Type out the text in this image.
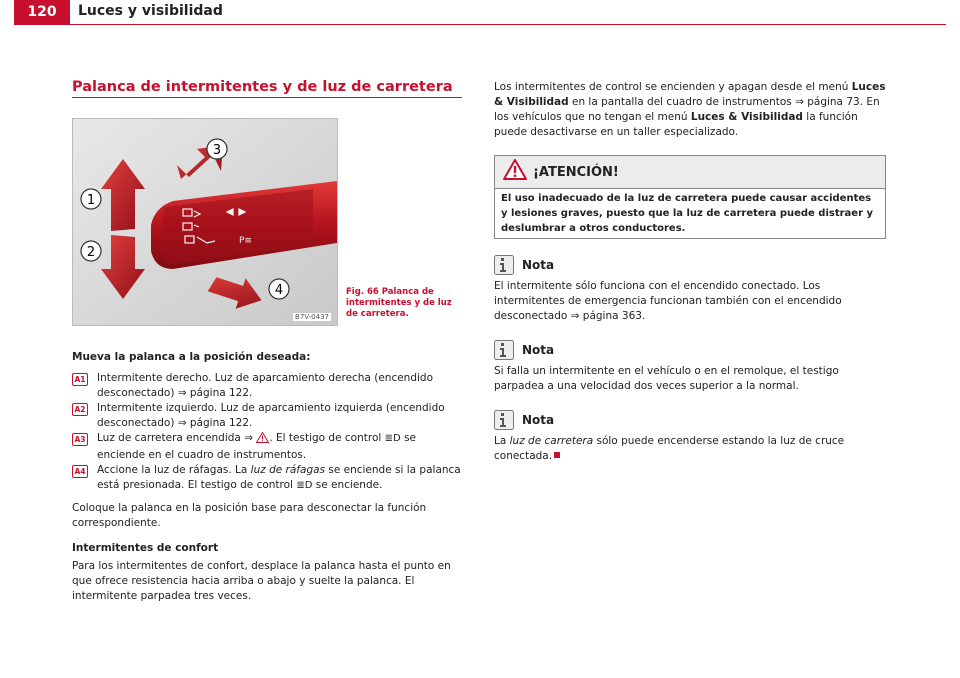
120	Luces y visibilidad
Palanca de intermitentes y de luz de carretera
P≡
1
2
3
4
B7V-0437
Fig. 66 Palanca de intermitentes y de luz de carretera.

Mueva la palanca a la posición deseada:

A1 Intermitente derecho. Luz de aparcamiento derecha (encendido desconectado) ⇒ página 122.

A2 Intermitente izquierdo. Luz de aparcamiento izquierda (encendido desconectado) ⇒ página 122.

A3 Luz de carretera encendida ⇒ . El testigo de control ≣D se enciende en el cuadro de instrumentos.

A4 Accione la luz de ráfagas. La luz de ráfagas se enciende si la palanca está presionada. El testigo de control ≣D se enciende.

Coloque la palanca en la posición base para desconectar la función correspondiente.

Intermitentes de confort

Para los intermitentes de confort, desplace la palanca hasta el punto en que ofrece resistencia hacia arriba o abajo y suelte la palanca. El intermitente parpadea tres veces.

Los intermitentes de control se encienden y apagan desde el menú Luces & Visibilidad en la pantalla del cuadro de instrumentos ⇒ página 73. En los vehículos que no tengan el menú Luces & Visibilidad la función puede desactivarse en un taller especializado.

¡ATENCIÓN!
El uso inadecuado de la luz de carretera puede causar accidentes y lesiones graves, puesto que la luz de carretera puede distraer y deslumbrar a otros conductores.
Nota

El intermitente sólo funciona con el encendido conectado. Los intermitentes de emergencia funcionan también con el encendido desconectado ⇒ página 363.

Nota

Si falla un intermitente en el vehículo o en el remolque, el testigo parpadea a una velocidad dos veces superior a la normal.

Nota

La luz de carretera sólo puede encenderse estando la luz de cruce conectada.
